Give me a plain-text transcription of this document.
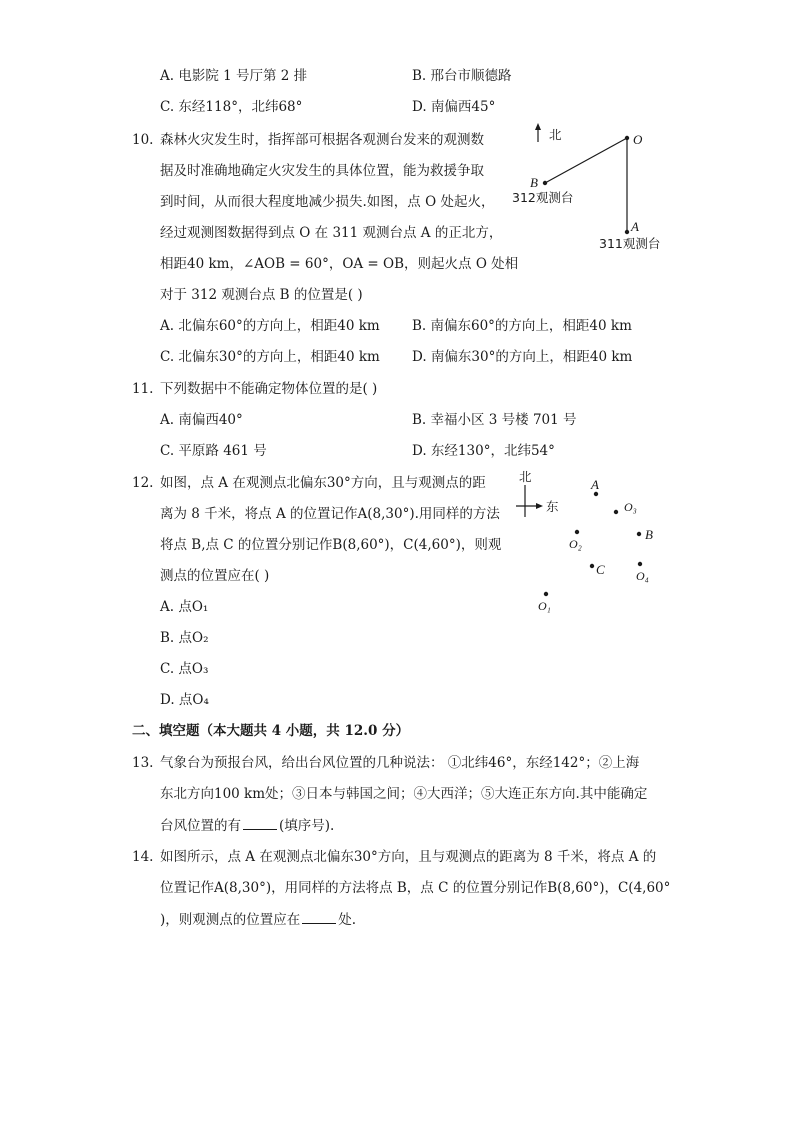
A. 电影院 1 号厅第 2 排	B. 邢台市顺德路
C. 东经118°，北纬68°	D. 南偏西45°
10. 森林火灾发生时，指挥部可根据各观测台发来的观测数
据及时准确地确定火灾发生的具体位置，能为救援争取
到时间，从而很大程度地减少损失.如图，点 O 处起火，
经过观测图数据得到点 O 在 311 观测台点 A 的正北方，
相距40 km，∠AOB = 60°，OA = OB，则起火点 O 处相
对于 312 观测台点 B 的位置是( )
A. 北偏东60°的方向上，相距40 km B. 南偏东60°的方向上，相距40 km
C. 北偏东30°的方向上，相距40 km D. 南偏东30°的方向上，相距40 km
北	O
B
A
312观测台
311观测台
11. 下列数据中不能确定物体位置的是( )
A. 南偏西40°	B. 幸福小区 3 号楼 701 号
C. 平原路 461 号	D. 东经130°，北纬54°
12. 如图，点 A 在观测点北偏东30°方向，且与观测点的距
离为 8 千米，将点 A 的位置记作A(8,30°).用同样的方法
将点 B,点 C 的位置分别记作B(8,60°)，C(4,60°)，则观
测点的位置应在( )
A. 点O₁
B. 点O₂
C. 点O₃
D. 点O₄
北
东
A
O₃
O₂
B
C	O₄
O₁
二、填空题（本大题共 4 小题，共 12.0 分）
13. 气象台为预报台风，给出台风位置的几种说法： ①北纬46°，东经142°；②上海
东北方向100 km处；③日本与韩国之间；④大西洋；⑤大连正东方向.其中能确定
台风位置的有	(填序号).
14. 如图所示，点 A 在观测点北偏东30°方向，且与观测点的距离为 8 千米，将点 A 的
位置记作A(8,30°)，用同样的方法将点 B，点 C 的位置分别记作B(8,60°)，C(4,60°
)，则观测点的位置应在	处.
